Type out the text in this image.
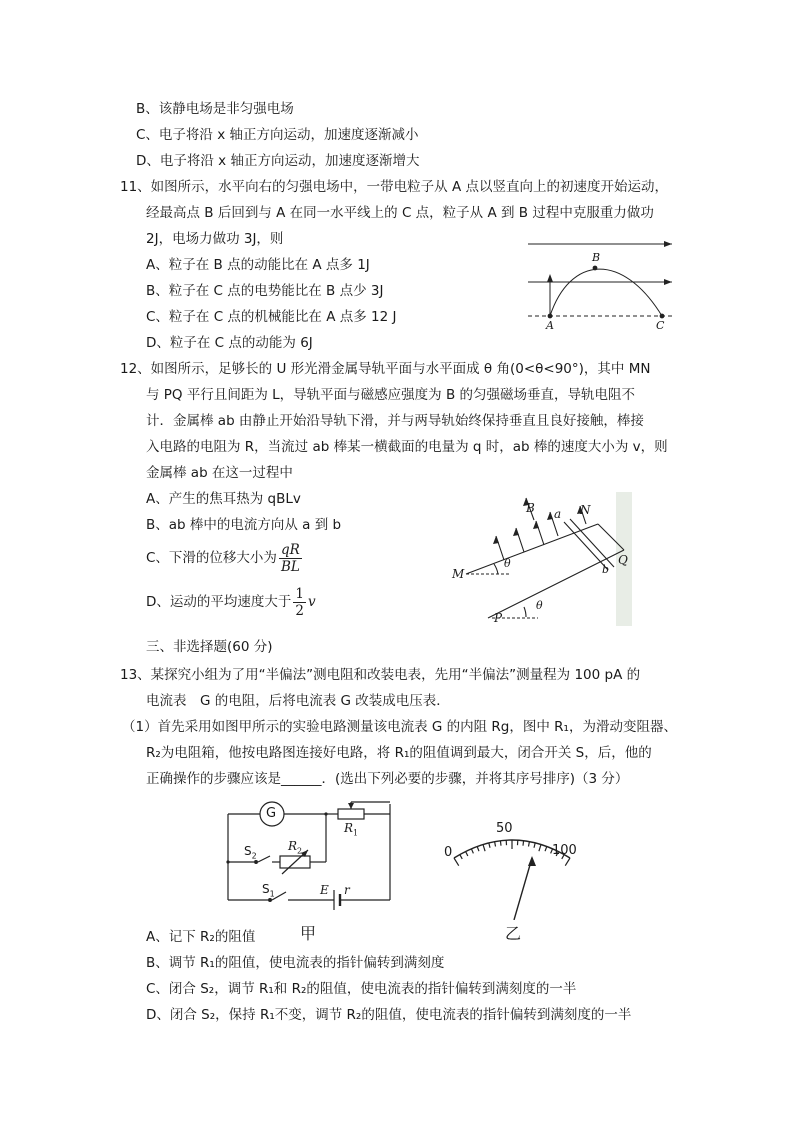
B、该静电场是非匀强电场
C、电子将沿 x 轴正方向运动，加速度逐渐减小
D、电子将沿 x 轴正方向运动，加速度逐渐增大
11、如图所示，水平向右的匀强电场中，一带电粒子从 A 点以竖直向上的初速度开始运动，
经最高点 B 后回到与 A 在同一水平线上的 C 点，粒子从 A 到 B 过程中克服重力做功
2J，电场力做功 3J，则
A、粒子在 B 点的动能比在 A 点多 1J
B、粒子在 C 点的电势能比在 B 点少 3J
C、粒子在 C 点的机械能比在 A 点多 12 J
D、粒子在 C 点的动能为 6J
B
A	C
12、如图所示，足够长的 U 形光滑金属导轨平面与水平面成 θ 角(0<θ<90°)，其中 MN
与 PQ 平行且间距为 L，导轨平面与磁感应强度为 B 的匀强磁场垂直，导轨电阻不
计．金属棒 ab 由静止开始沿导轨下滑，并与两导轨始终保持垂直且良好接触，棒接
入电路的电阻为 R，当流过 ab 棒某一横截面的电量为 q 时，ab 棒的速度大小为 v，则
金属棒 ab 在这一过程中
A、产生的焦耳热为 qBLv
B、ab 棒中的电流方向从 a 到 b
C、下滑的位移大小为 $\frac{qR}{BL}$
D、运动的平均速度大于 $\frac{1}{2}$ v
B a N
Q
M
P
b
θ
θ
三、非选择题(60 分)
13、某探究小组为了用“半偏法”测电阻和改装电表，先用“半偏法”测量程为 100 pA 的
电流表　G 的电阻，后将电流表 G 改装成电压表．
（1）首先采用如图甲所示的实验电路测量该电流表 G 的内阻 Rg，图中 R₁，为滑动变阻器、
R₂为电阻箱，他按电路图连接好电路，将 R₁的阻值调到最大，闭合开关 S，后，他的
正确操作的步骤应该是______．(选出下列必要的步骤，并将其序号排序)（3 分）
G
$R_1$
$R_2$
$S_2$
$S_1$	E r
甲
0
50
100
乙
A、记下 R₂的阻值
B、调节 R₁的阻值，使电流表的指针偏转到满刻度
C、闭合 S₂，调节 R₁和 R₂的阻值，使电流表的指针偏转到满刻度的一半
D、闭合 S₂，保持 R₁不变，调节 R₂的阻值，使电流表的指针偏转到满刻度的一半
